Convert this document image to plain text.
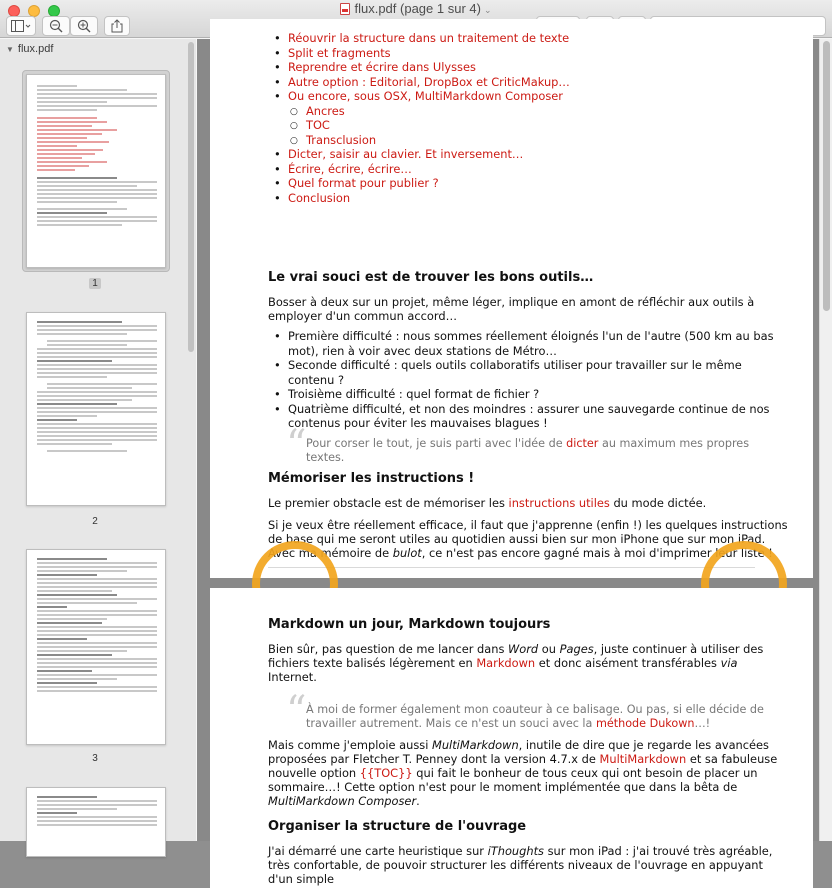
flux.pdf (page 1 sur 4) ⌄
▼ flux.pdf
1
2
3
• Réouvrir la structure dans un traitement de texte
• Split et fragments
• Reprendre et écrire dans Ulysses
• Autre option : Editorial, DropBox et CriticMakup…
• Ou encore, sous OSX, MultiMarkdown Composer
○ Ancres
○ TOC
○ Transclusion
• Dicter, saisir au clavier. Et inversement…
• Écrire, écrire, écrire…
• Quel format pour publier ?
• Conclusion
Le vrai souci est de trouver les bons outils…

Bosser à deux sur un projet, même léger, implique en amont de réfléchir aux outils à employer d'un commun accord…

• Première difficulté : nous sommes réellement éloignés l'un de l'autre (500 km au bas mot), rien à voir avec deux stations de Métro…
• Seconde difficulté : quels outils collaboratifs utiliser pour travailler sur le même contenu ?
• Troisième difficulté : quel format de fichier ?
• Quatrième difficulté, et non des moindres : assurer une sauvegarde continue de nos contenus pour éviter les mauvaises blagues !
“ Pour corser le tout, je suis parti avec l'idée de dicter au maximum mes propres textes.
Mémoriser les instructions !

Le premier obstacle est de mémoriser les instructions utiles du mode dictée.

Si je veux être réellement efficace, il faut que j'apprenne (enfin !) les quelques instructions de base qui me seront utiles au quotidien aussi bien sur mon iPhone que sur mon iPad. Avec ma mémoire de bulot, ce n'est pas encore gagné mais à moi d'imprimer leur liste !

Markdown un jour, Markdown toujours

Bien sûr, pas question de me lancer dans Word ou Pages, juste continuer à utiliser des fichiers texte balisés légèrement en Markdown et donc aisément transférables via Internet.

“ À moi de former également mon coauteur à ce balisage. Ou pas, si elle décide de travailler autrement. Mais ce n'est un souci avec la méthode Dukown…!

Mais comme j'emploie aussi MultiMarkdown, inutile de dire que je regarde les avancées proposées par Fletcher T. Penney dont la version 4.7.x de MultiMarkdown et sa fabuleuse nouvelle option {{TOC}} qui fait le bonheur de tous ceux qui ont besoin de placer un sommaire…! Cette option n'est pour le moment implémentée que dans la bêta de MultiMarkdown Composer.

Organiser la structure de l'ouvrage

J'ai démarré une carte heuristique sur iThoughts sur mon iPad : j'ai trouvé très agréable, très confortable, de pouvoir structurer les différents niveaux de l'ouvrage en appuyant d'un simple
